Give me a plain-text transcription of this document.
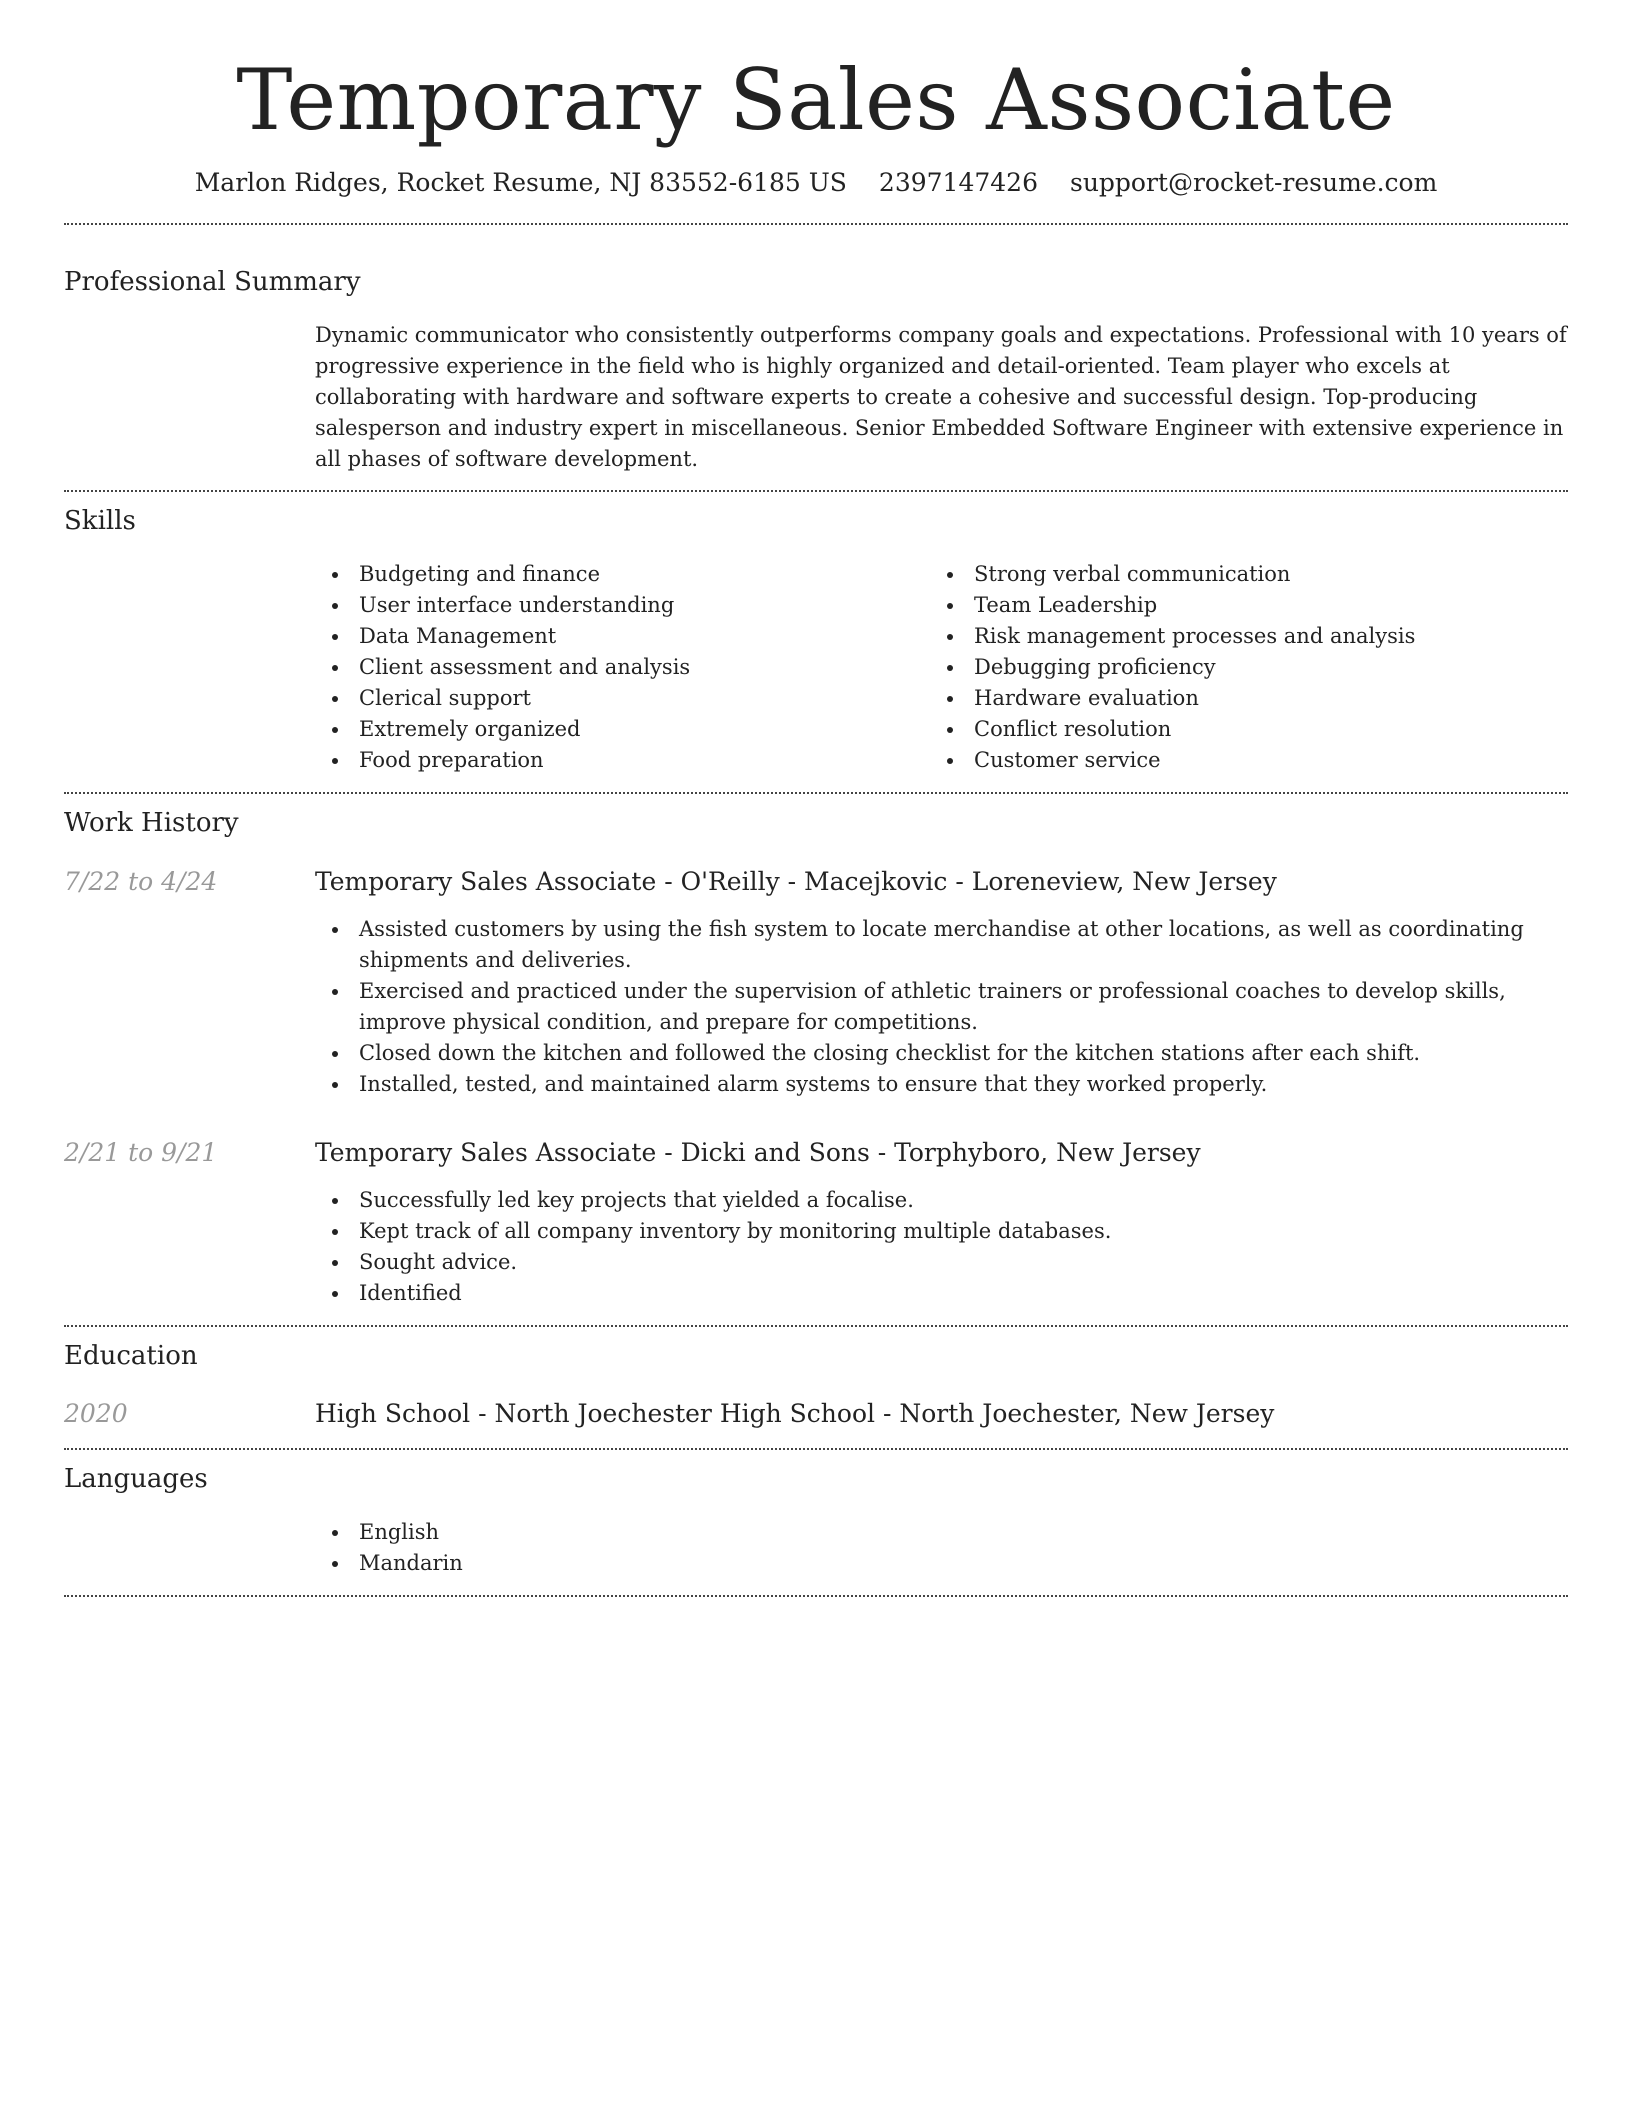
Temporary Sales Associate
Marlon Ridges, Rocket Resume, NJ 83552-6185 US 2397147426 support@rocket-resume.com
Professional Summary

Dynamic communicator who consistently outperforms company goals and expectations. Professional with 10 years of progressive experience in the field who is highly organized and detail-oriented. Team player who excels at collaborating with hardware and software experts to create a cohesive and successful design. Top-producing salesperson and industry expert in miscellaneous. Senior Embedded Software Engineer with extensive experience in all phases of software development.

Skills
Budgeting and finance
User interface understanding
Data Management
Client assessment and analysis
Clerical support
Extremely organized
Food preparation
Strong verbal communication
Team Leadership
Risk management processes and analysis
Debugging proficiency
Hardware evaluation
Conflict resolution
Customer service
Work History
7/22 to 4/24	Temporary Sales Associate - O'Reilly - Macejkovic - Loreneview, New Jersey
Assisted customers by using the fish system to locate merchandise at other locations, as well as coordinating shipments and deliveries.
Exercised and practiced under the supervision of athletic trainers or professional coaches to develop skills, improve physical condition, and prepare for competitions.
Closed down the kitchen and followed the closing checklist for the kitchen stations after each shift.
Installed, tested, and maintained alarm systems to ensure that they worked properly.
2/21 to 9/21	Temporary Sales Associate - Dicki and Sons - Torphyboro, New Jersey
Successfully led key projects that yielded a focalise.
Kept track of all company inventory by monitoring multiple databases.
Sought advice.
Identified
Education
2020	High School - North Joechester High School - North Joechester, New Jersey
Languages
English
Mandarin
